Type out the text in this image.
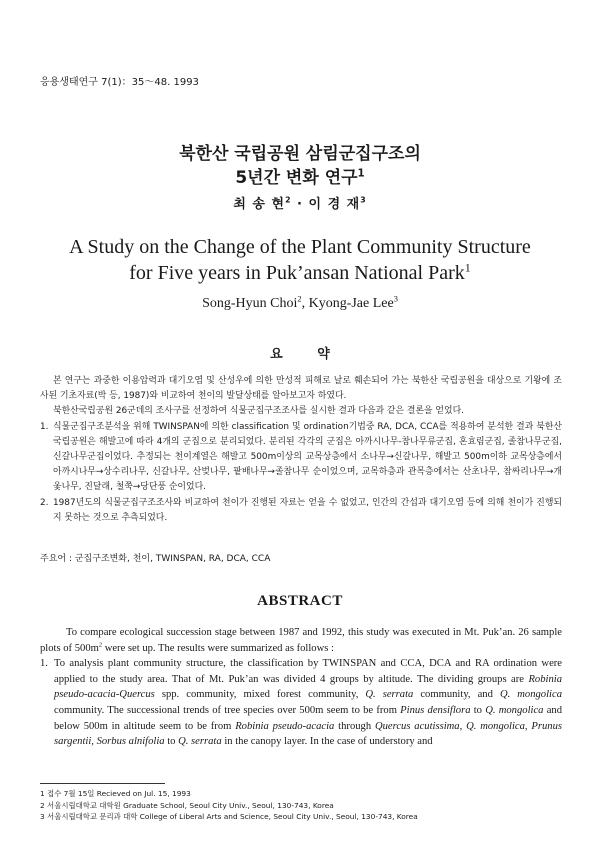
응용생태연구 7(1)：35～48. 1993
북한산 국립공원 삼림군집구조의
5년간 변화 연구$^1$
최 송 현$^2$ · 이 경 재$^3$
A Study on the Change of the Plant Community Structure
for Five years in Puk’ansan National Park$^1$
Song-Hyun Choi$^2$, Kyong-Jae Lee$^3$
요 약

본 연구는 과중한 이용압력과 대기오염 및 산성우에 의한 만성적 피해로 날로 훼손되어 가는 북한산 국립공원을 대상으로 기왕에 조사된 기초자료(박 등, 1987)와 비교하여 천이의 발달상태를 알아보고자 하였다.

북한산국립공원 26군데의 조사구를 선정하여 식물군집구조조사를 실시한 결과 다음과 같은 결론을 얻었다.

1. 식물군집구조분석을 위해 TWINSPAN에 의한 classification 및 ordination기법중 RA, DCA, CCA를 적용하여 분석한 결과 북한산 국립공원은 해발고에 따라 4개의 군집으로 분리되었다. 분리된 각각의 군집은 아까시나무-참나무류군집, 혼효림군집, 졸참나무군집, 신갈나무군집이었다. 추정되는 천이계열은 해발고 500m이상의 교목상층에서 소나무→신갈나무, 해발고 500m이하 교목상층에서 아까시나무→상수리나무, 신갈나무, 산벚나무, 팥배나무→졸참나무 순이었으며, 교목하층과 관목층에서는 산초나무, 참싸리나무→개옻나무, 진달래, 철쭉→당단풍 순이었다.

2. 1987년도의 식물군집구조조사와 비교하여 천이가 진행된 자료는 얻을 수 없었고, 인간의 간섭과 대기오염 등에 의해 천이가 진행되지 못하는 것으로 추측되었다.

주요어 : 군집구조변화, 천이, TWINSPAN, RA, DCA, CCA
ABSTRACT

To compare ecological succession stage between 1987 and 1992, this study was executed in Mt. Puk’an. 26 sample plots of $500m^2$ were set up. The results were summarized as follows :

1. To analysis plant community structure, the classification by TWINSPAN and CCA, DCA and RA ordination were applied to the study area. That of Mt. Puk’an was divided 4 groups by altitude. The dividing groups are Robinia pseudo-acacia-Quercus spp. community, mixed forest community, Q. serrata community, and Q. mongolica community. The successional trends of tree species over 500m seem to be from Pinus densiflora to Q. mongolica and below 500m in altitude seem to be from Robinia pseudo-acacia through Quercus acutissima, Q. mongolica, Prunus sargentii, Sorbus alnifolia to Q. serrata in the canopy layer. In the case of understory and

1 접수 7월 15일 Recieved on Jul. 15, 1993
2 서울시립대학교 대학원 Graduate School, Seoul City Univ., Seoul, 130-743, Korea
3 서울시립대학교 문리과 대학 College of Liberal Arts and Science, Seoul City Univ., Seoul, 130-743, Korea
